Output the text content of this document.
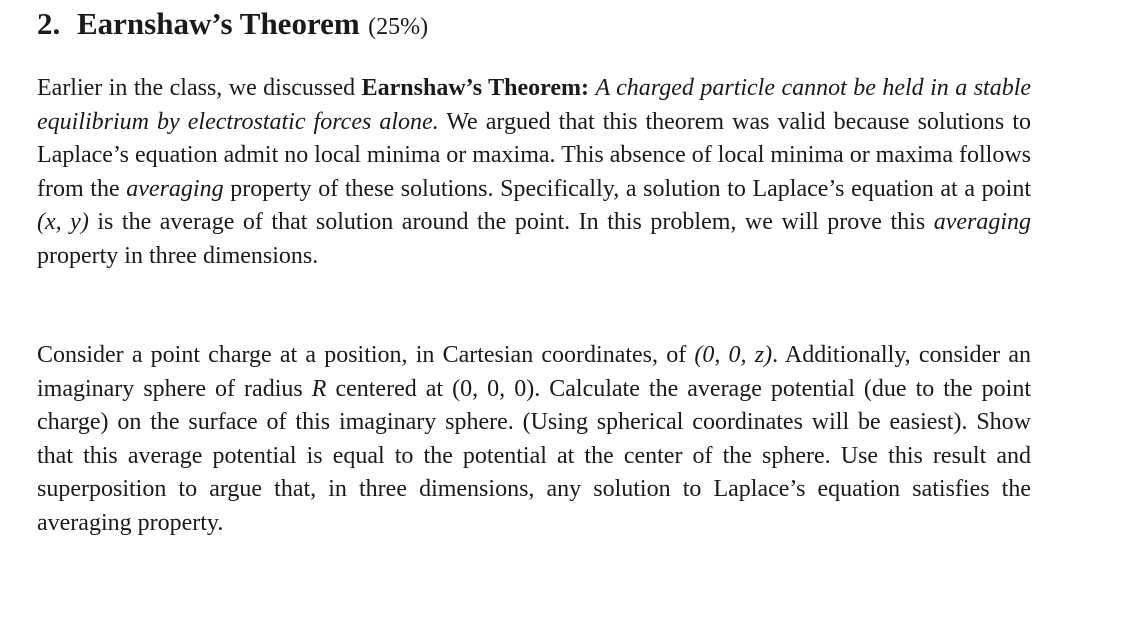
2. Earnshaw’s Theorem (25%)

Earlier in the class, we discussed Earnshaw’s Theorem: A charged particle cannot be held in a stable equilibrium by electrostatic forces alone. We argued that this theorem was valid because solutions to Laplace’s equation admit no local minima or maxima. This absence of local minima or maxima follows from the averaging property of these solutions. Specifically, a solution to Laplace’s equation at a point (x, y) is the average of that solution around the point. In this problem, we will prove this averaging property in three dimensions.

Consider a point charge at a position, in Cartesian coordinates, of (0, 0, z). Additionally, consider an imaginary sphere of radius R centered at (0, 0, 0). Calculate the average potential (due to the point charge) on the surface of this imaginary sphere. (Using spherical coordinates will be easiest). Show that this average potential is equal to the potential at the center of the sphere. Use this result and superposition to argue that, in three dimensions, any solution to Laplace’s equation satisfies the averaging property.
